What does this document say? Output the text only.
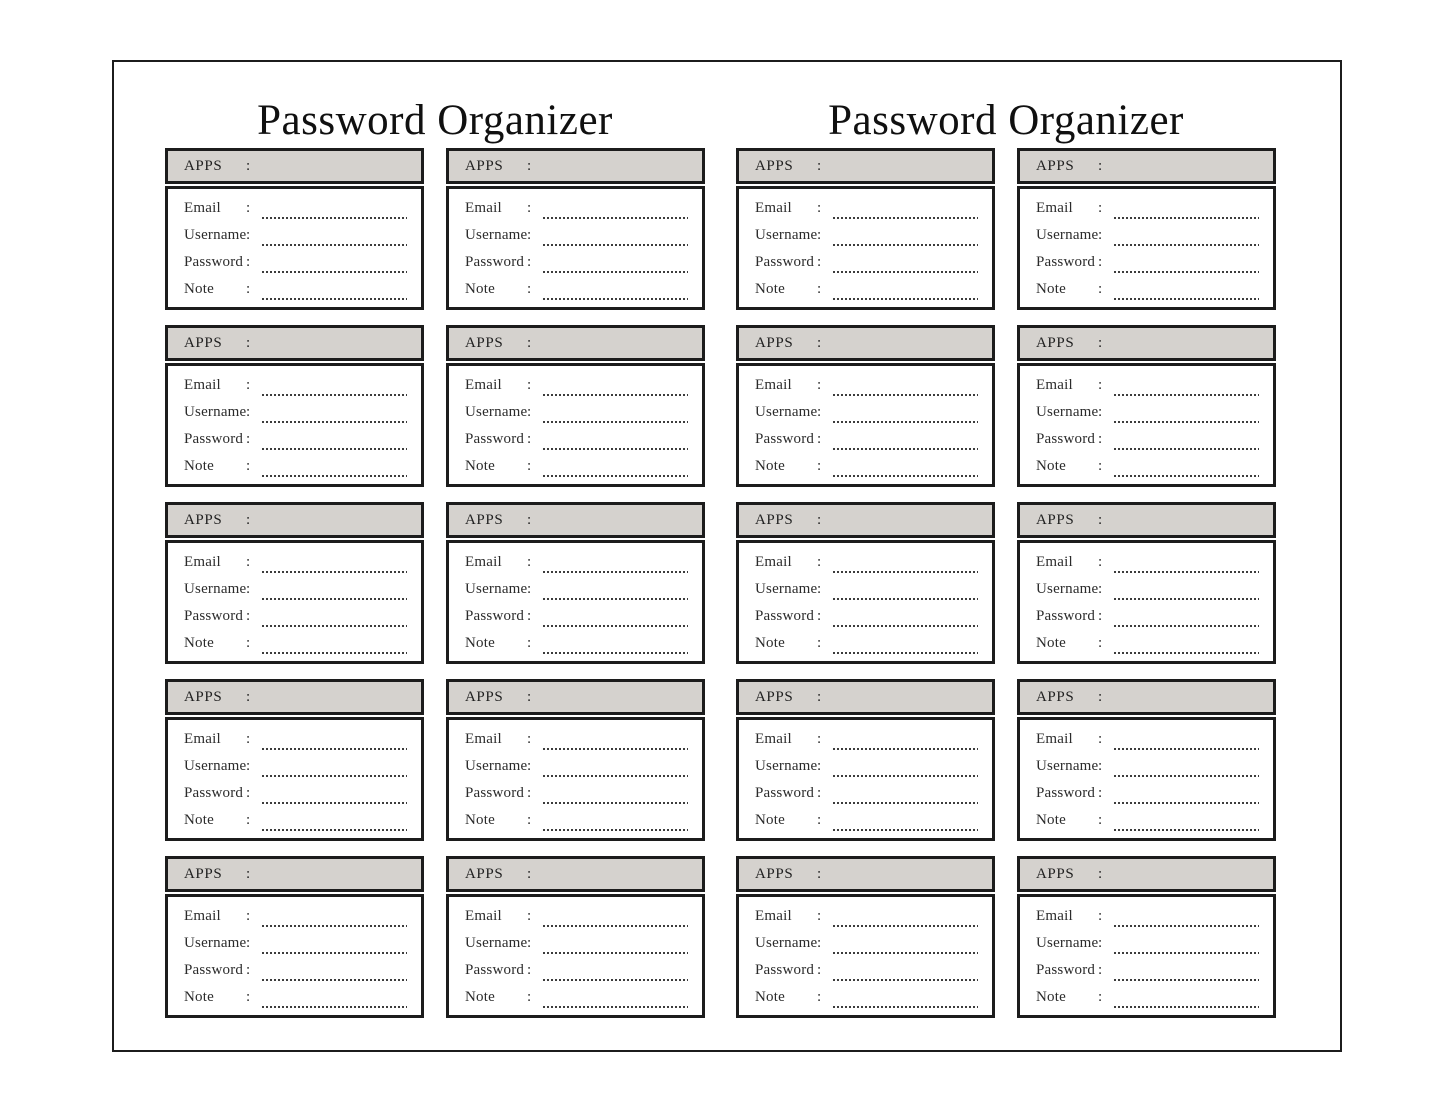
Password Organizer
APPS	:
Email	:
Username :
Password :
Note	:
APPS	:
Email	:
Username :
Password :
Note	:
APPS	:
Email	:
Username :
Password :
Note	:
APPS	:
Email	:
Username :
Password :
Note	:
APPS	:
Email	:
Username :
Password :
Note	:
APPS	:
Email	:
Username :
Password :
Note	:
APPS	:
Email	:
Username :
Password :
Note	:
APPS	:
Email	:
Username :
Password :
Note	:
APPS	:
Email	:
Username :
Password :
Note	:
APPS	:
Email	:
Username :
Password :
Note	:
Password Organizer
APPS	:
Email	:
Username :
Password :
Note	:
APPS	:
Email	:
Username :
Password :
Note	:
APPS	:
Email	:
Username :
Password :
Note	:
APPS	:
Email	:
Username :
Password :
Note	:
APPS	:
Email	:
Username :
Password :
Note	:
APPS	:
Email	:
Username :
Password :
Note	:
APPS	:
Email	:
Username :
Password :
Note	:
APPS	:
Email	:
Username :
Password :
Note	:
APPS	:
Email	:
Username :
Password :
Note	:
APPS	:
Email	:
Username :
Password :
Note	:
